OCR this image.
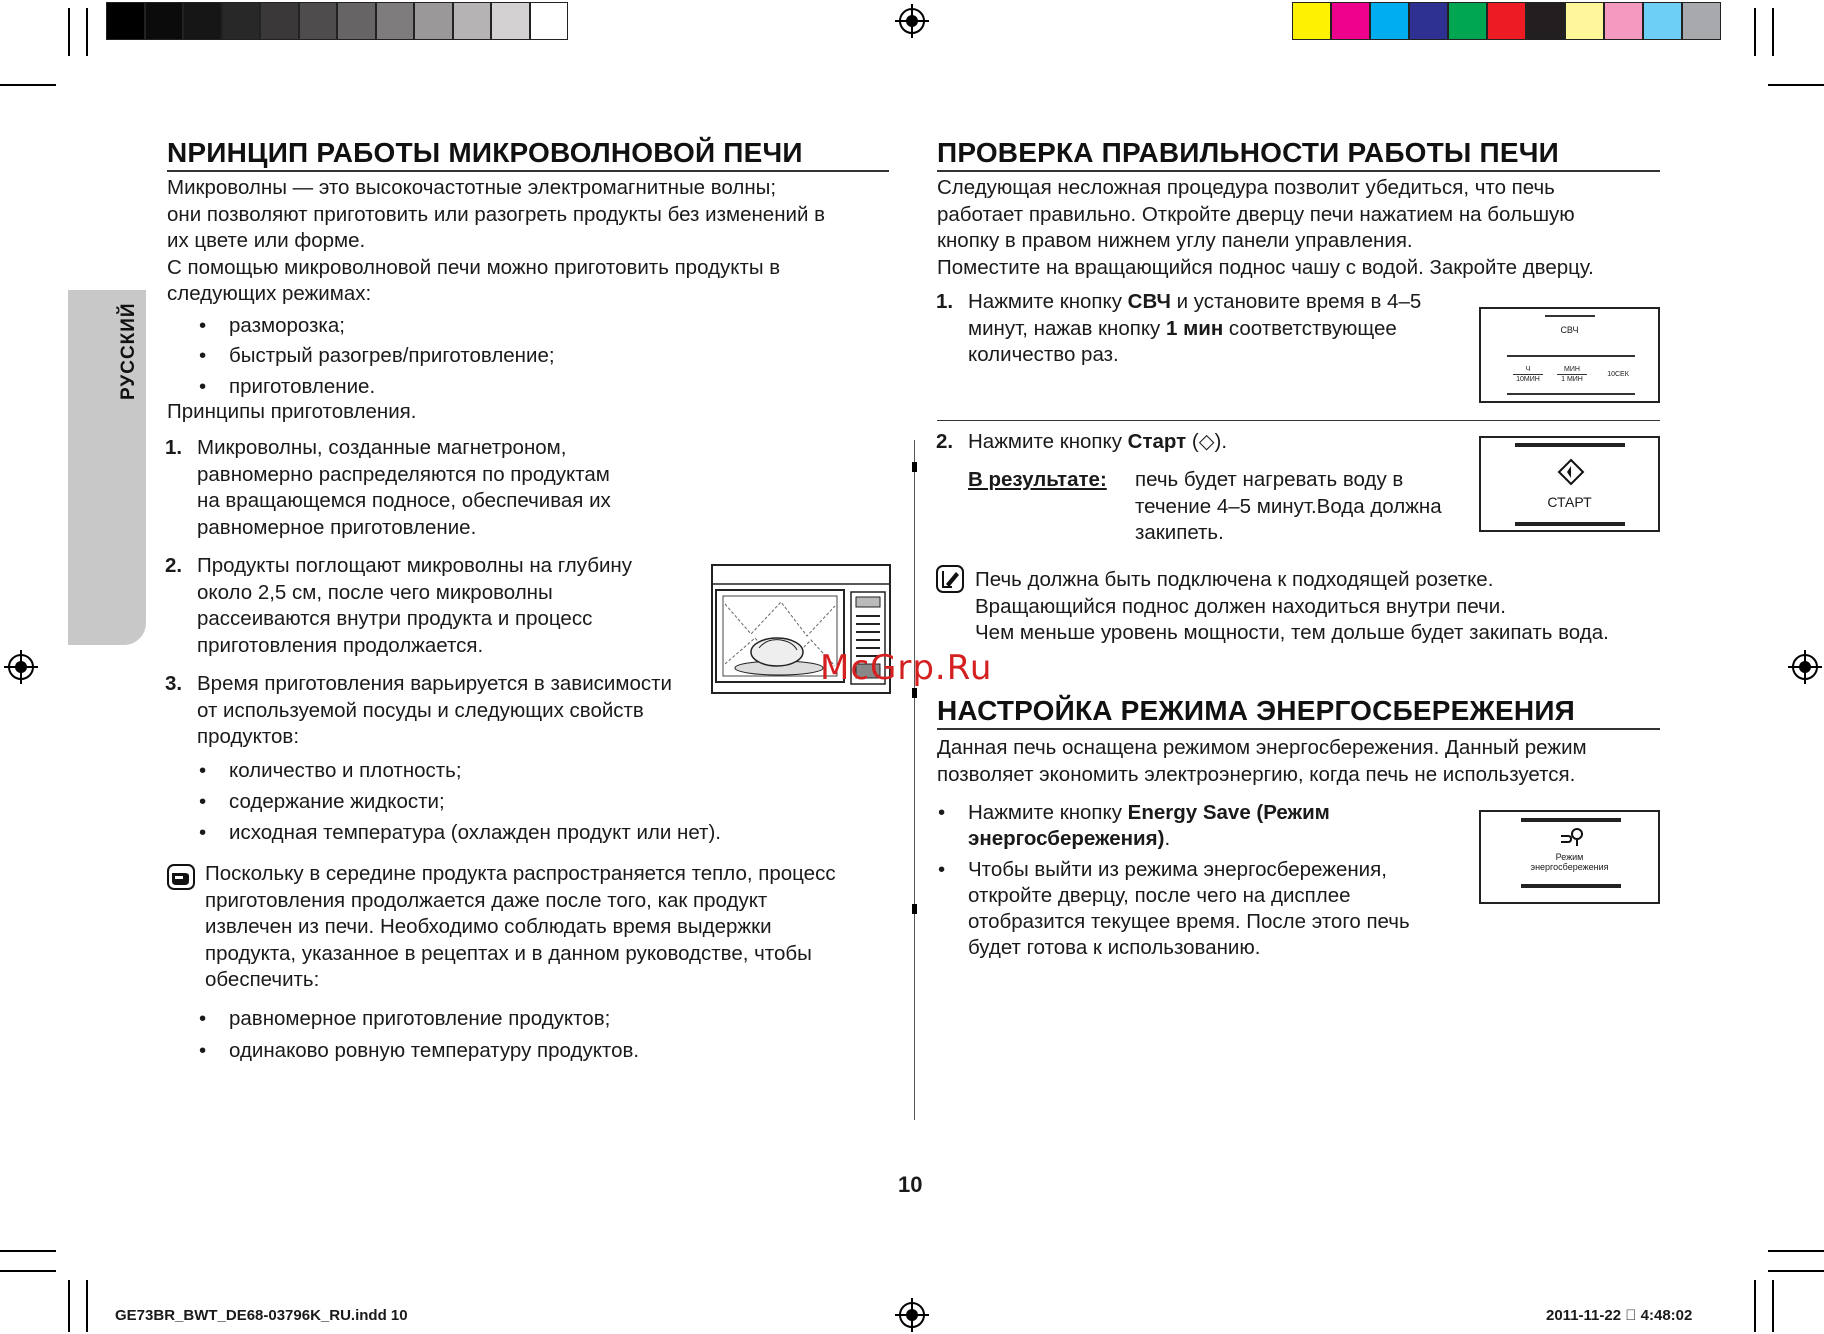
РУССКИЙ
NРИНЦИП РАБОТЫ МИКРОВОЛНОВОЙ ПЕЧИ
Микроволны — это высокочастотные электромагнитные волны;
они позволяют приготовить или разогреть продукты без изменений в
их цвете или форме.
С помощью микроволновой печи можно приготовить продукты в
следующих режимах:
• разморозка;
• быстрый разогрев/приготовление;
• приготовление.
Принципы приготовления.
1. Микроволны, созданные магнетроном,
равномерно распределяются по продуктам
на вращающемся подносе, обеспечивая их
равномерное приготовление.
2. Продукты поглощают микроволны на глубину
около 2,5 см, после чего микроволны
рассеиваются внутри продукта и процесс
приготовления продолжается.
3. Время приготовления варьируется в зависимости
от используемой посуды и следующих свойств
продуктов:
• количество и плотность;
• содержание жидкости;
• исходная температура (охлажден продукт или нет).
Поскольку в середине продукта распространяется тепло, процесс
приготовления продолжается даже после того, как продукт
извлечен из печи. Необходимо соблюдать время выдержки
продукта, указанное в рецептах и в данном руководстве, чтобы
обеспечить:
• равномерное приготовление продуктов;
• одинаково ровную температуру продуктов.
ПРОВЕРКА ПРАВИЛЬНОСТИ РАБОТЫ ПЕЧИ
Следующая несложная процедура позволит убедиться, что печь
работает правильно. Откройте дверцу печи нажатием на большую
кнопку в правом нижнем углу панели управления.
Поместите на вращающийся поднос чашу с водой. Закройте дверцу.
1. Нажмите кнопку СВЧ и установите время в 4–5
минут, нажав кнопку 1 мин соответствующее
количество раз.
СВЧ
Ч
10МИН
МИН
1 МИН
10СЕК
2. Нажмите кнопку Старт (◇).
В результате: печь будет нагревать воду в
течение 4–5 минут.Вода должна
закипеть.
СТАРТ
Печь должна быть подключена к подходящей розетке.
Вращающийся поднос должен находиться внутри печи.
Чем меньше уровень мощности, тем дольше будет закипать вода.
НАСТРОЙКА РЕЖИМА ЭНЕРГОСБЕРЕЖЕНИЯ
Данная печь оснащена режимом энергосбережения. Данный режим
позволяет экономить электроэнергию, когда печь не используется.
• Нажмите кнопку Energy Save (Режим
энергосбережения).
• Чтобы выйти из режима энергосбережения,
откройте дверцу, после чего на дисплее
отобразится текущее время. После этого печь
будет готова к использованию.
Режим
энергосбережения
McGrp.Ru
10
GE73BR_BWT_DE68-03796K_RU.indd 10	2011-11-22 ￿ 4:48:02
